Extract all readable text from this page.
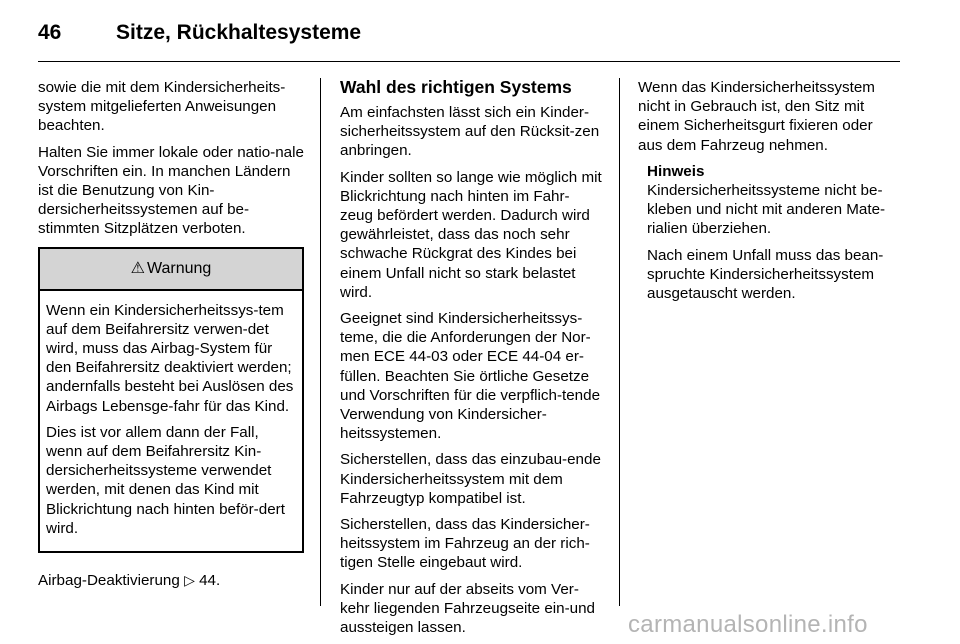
46	Sitze, Rückhaltesysteme

sowie die mit dem Kindersicherheits-system mitgelieferten Anweisungen beachten.

Halten Sie immer lokale oder natio-nale Vorschriften ein. In manchen Ländern ist die Benutzung von Kin-dersicherheitssystemen auf be-stimmten Sitzplätzen verboten.

⚠ Warnung

Wenn ein Kindersicherheitssys-tem auf dem Beifahrersitz verwen-det wird, muss das Airbag-System für den Beifahrersitz deaktiviert werden; andernfalls besteht bei Auslösen des Airbags Lebensge-fahr für das Kind.

Dies ist vor allem dann der Fall, wenn auf dem Beifahrersitz Kin-dersicherheitssysteme verwendet werden, mit denen das Kind mit Blickrichtung nach hinten beför-dert wird.

Airbag-Deaktivierung ▷ 44.

Wahl des richtigen Systems

Am einfachsten lässt sich ein Kinder-sicherheitssystem auf den Rücksit-zen anbringen.

Kinder sollten so lange wie möglich mit Blickrichtung nach hinten im Fahr-zeug befördert werden. Dadurch wird gewährleistet, dass das noch sehr schwache Rückgrat des Kindes bei einem Unfall nicht so stark belastet wird.

Geeignet sind Kindersicherheitssys-teme, die die Anforderungen der Nor-men ECE 44-03 oder ECE 44-04 er-füllen. Beachten Sie örtliche Gesetze und Vorschriften für die verpflich-tende Verwendung von Kindersicher-heitssystemen.

Sicherstellen, dass das einzubau-ende Kindersicherheitssystem mit dem Fahrzeugtyp kompatibel ist.

Sicherstellen, dass das Kindersicher-heitssystem im Fahrzeug an der rich-tigen Stelle eingebaut wird.

Kinder nur auf der abseits vom Ver-kehr liegenden Fahrzeugseite ein-und aussteigen lassen.

Wenn das Kindersicherheitssystem nicht in Gebrauch ist, den Sitz mit einem Sicherheitsgurt fixieren oder aus dem Fahrzeug nehmen.

Hinweis

Kindersicherheitssysteme nicht be-kleben und nicht mit anderen Mate-rialien überziehen.

Nach einem Unfall muss das bean-spruchte Kindersicherheitssystem ausgetauscht werden.

carmanualsonline.info
